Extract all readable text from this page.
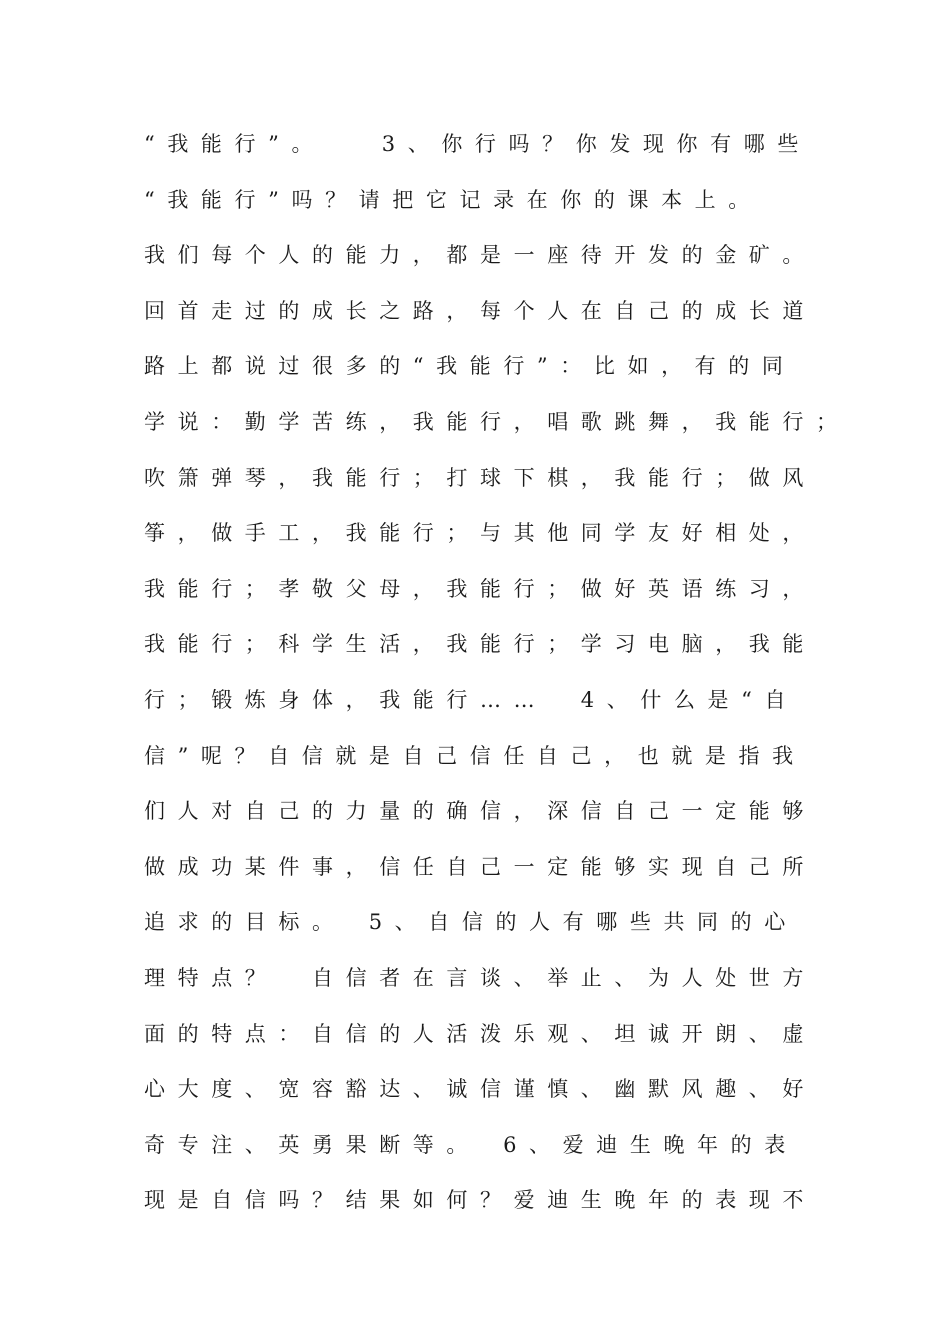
“我能行”。　　3、你行吗？你发现你有哪些
“我能行”吗？请把它记录在你的课本上。
我们每个人的能力，都是一座待开发的金矿。
回首走过的成长之路，每个人在自己的成长道
路上都说过很多的“我能行”：比如，有的同
学说：勤学苦练，我能行，唱歌跳舞，我能行；
吹箫弹琴，我能行；打球下棋，我能行；做风
筝，做手工，我能行；与其他同学友好相处，
我能行；孝敬父母，我能行；做好英语练习，
我能行；科学生活，我能行；学习电脑，我能
行；锻炼身体，我能行……　4、什么是“自
信”呢？自信就是自己信任自己，也就是指我
们人对自己的力量的确信，深信自己一定能够
做成功某件事，信任自己一定能够实现自己所
追求的目标。　5、自信的人有哪些共同的心
理特点？　自信者在言谈、举止、为人处世方
面的特点：自信的人活泼乐观、坦诚开朗、虚
心大度、宽容豁达、诚信谨慎、幽默风趣、好
奇专注、英勇果断等。　6、爱迪生晚年的表
现是自信吗？结果如何？爱迪生晚年的表现不
